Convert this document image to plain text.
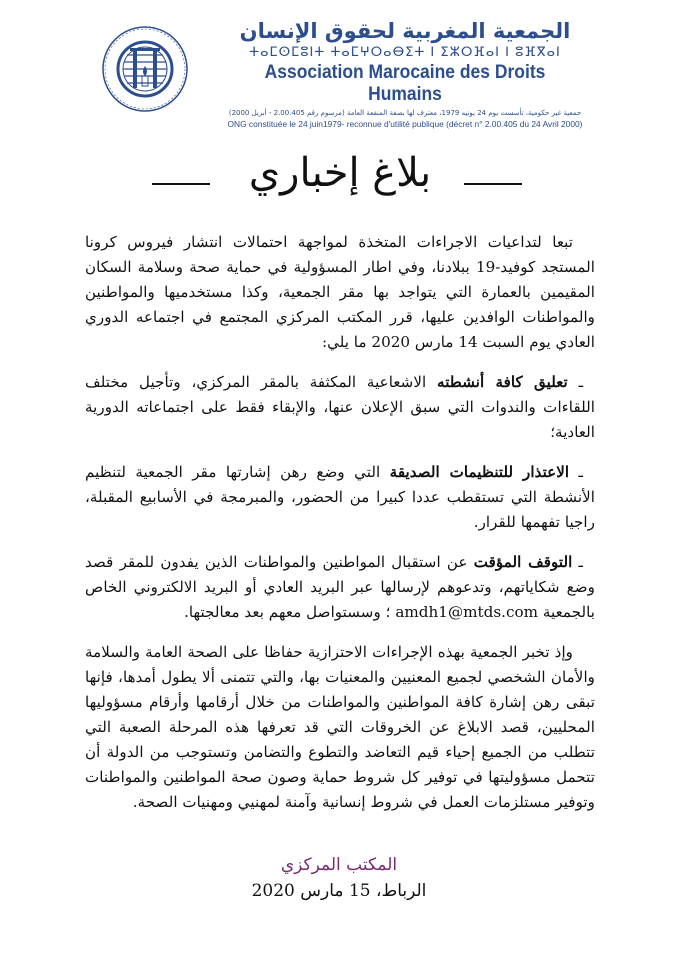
الجمعية المغربية لحقوق الإنسان
ⵜⴰⵎⵙⵎⵓⵏⵜ ⵜⴰⵎⵖⵔⴰⴱⵉⵜ ⵏ ⵉⵣⵔⴼⴰⵏ ⵏ ⵓⴼⴳⴰⵏ
Association Marocaine des Droits Humains
جمعية غير حكومية، تأسست يوم 24 يونيه 1979، معترف لها بصفة المنفعة العامة (مرسوم رقم 2.00.405 - أبريل 2000)
ONG constituée le 24 juin1979- reconnue d'utilité publique (décret n° 2.00.405 du 24 Avril 2000)
بلاغ إخباري

تبعا لتداعيات الاجراءات المتخذة لمواجهة احتمالات انتشار فيروس كرونا المستجد كوفيد-19 ببلادنا، وفي اطار المسؤولية في حماية صحة وسلامة السكان المقيمين بالعمارة التي يتواجد بها مقر الجمعية، وكذا مستخدميها والمواطنين والمواطنات الوافدين عليها، قرر المكتب المركزي المجتمع في اجتماعه الدوري العادي يوم السبت 14 مارس 2020 ما يلي:

ـ تعليق كافة أنشطته الاشعاعية المكثفة بالمقر المركزي، وتأجيل مختلف اللقاءات والندوات التي سبق الإعلان عنها، والإبقاء فقط على اجتماعاته الدورية العادية؛

ـ الاعتذار للتنظيمات الصديقة التي وضع رهن إشارتها مقر الجمعية لتنظيم الأنشطة التي تستقطب عددا كبيرا من الحضور، والمبرمجة في الأسابيع المقبلة، راجيا تفهمها للقرار.

ـ التوقف المؤقت عن استقبال المواطنين والمواطنات الذين يفدون للمقر قصد وضع شكاياتهم، وتدعوهم لإرسالها عبر البريد العادي أو البريد الالكتروني الخاص بالجمعية amdh1@mtds.com ؛ وسستواصل معهم بعد معالجتها.

وإذ تخبر الجمعية بهذه الإجراءات الاحترازية حفاظا على الصحة العامة والسلامة والأمان الشخصي لجميع المعنيين والمعنيات بها، والتي تتمنى ألا يطول أمدها، فإنها تبقى رهن إشارة كافة المواطنين والمواطنات من خلال أرقامها وأرقام مسؤوليها المحليين، قصد الابلاغ عن الخروقات التي قد تعرفها هذه المرحلة الصعبة التي تتطلب من الجميع إحياء قيم التعاضد والتطوع والتضامن وتستوجب من الدولة أن تتحمل مسؤوليتها في توفير كل شروط حماية وصون صحة المواطنين والمواطنات وتوفير مستلزمات العمل في شروط إنسانية وآمنة لمهنيي ومهنيات الصحة.

المكتب المركزي
الرباط، 15 مارس 2020
